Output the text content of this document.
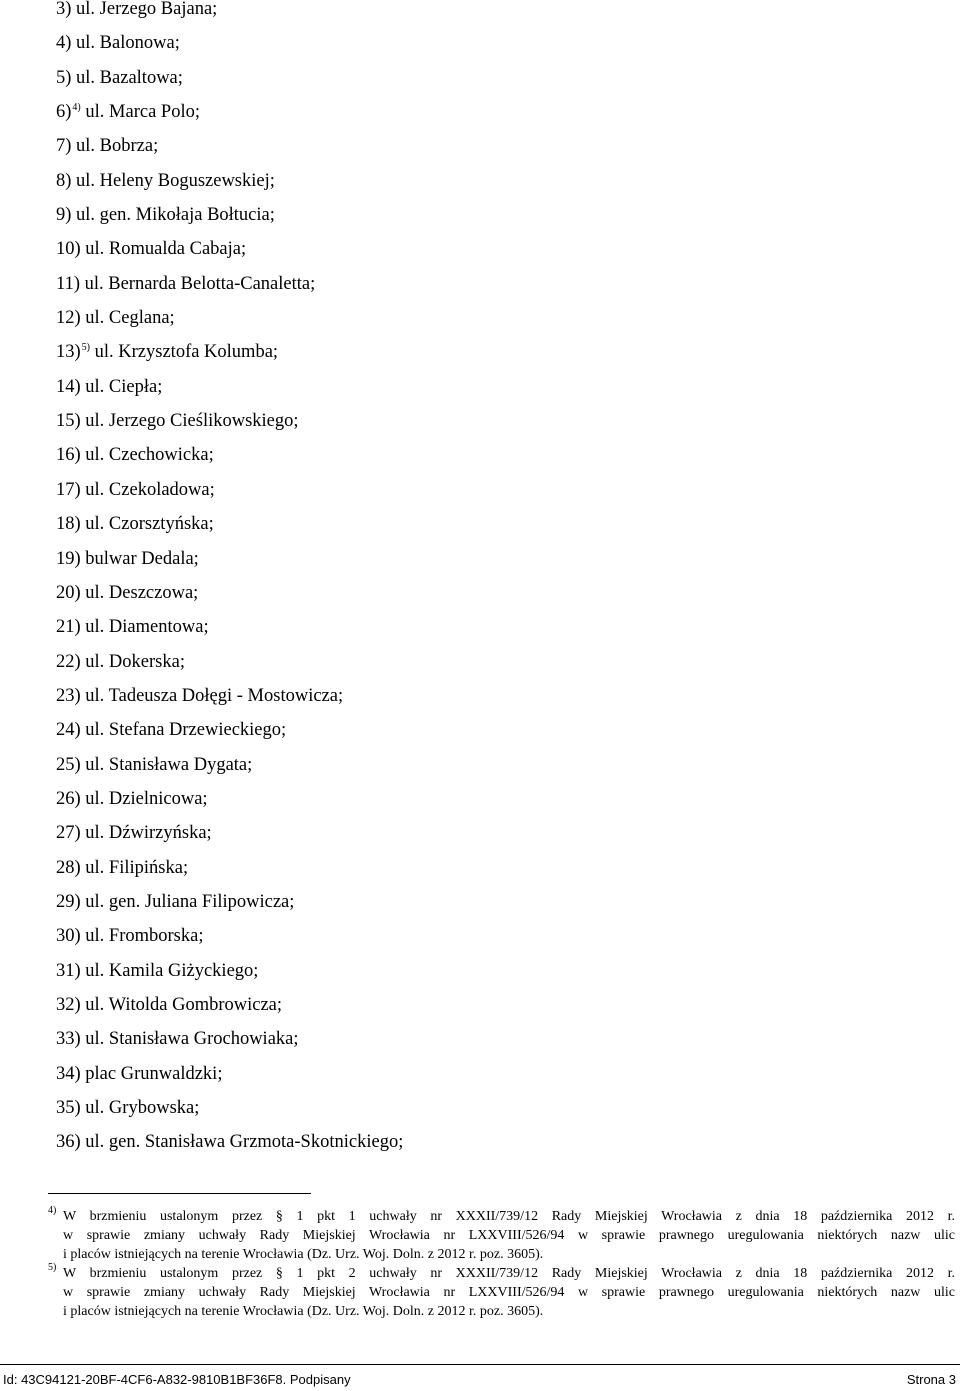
3) ul. Jerzego Bajana;
4) ul. Balonowa;
5) ul. Bazaltowa;
6)$^{4)}$ ul. Marca Polo;
7) ul. Bobrza;
8) ul. Heleny Boguszewskiej;
9) ul. gen. Mikołaja Bołtucia;
10) ul. Romualda Cabaja;
11) ul. Bernarda Belotta-Canaletta;
12) ul. Ceglana;
13)$^{5)}$ ul. Krzysztofa Kolumba;
14) ul. Ciepła;
15) ul. Jerzego Cieślikowskiego;
16) ul. Czechowicka;
17) ul. Czekoladowa;
18) ul. Czorsztyńska;
19) bulwar Dedala;
20) ul. Deszczowa;
21) ul. Diamentowa;
22) ul. Dokerska;
23) ul. Tadeusza Dołęgi - Mostowicza;
24) ul. Stefana Drzewieckiego;
25) ul. Stanisława Dygata;
26) ul. Dzielnicowa;
27) ul. Dźwirzyńska;
28) ul. Filipińska;
29) ul. gen. Juliana Filipowicza;
30) ul. Fromborska;
31) ul. Kamila Giżyckiego;
32) ul. Witolda Gombrowicza;
33) ul. Stanisława Grochowiaka;
34) plac Grunwaldzki;
35) ul. Grybowska;
36) ul. gen. Stanisława Grzmota-Skotnickiego;
$^{4)}$ W brzmieniu ustalonym przez § 1 pkt 1 uchwały nr XXXII/739/12 Rady Miejskiej Wrocławia z dnia 18 października 2012 r.

w sprawie zmiany uchwały Rady Miejskiej Wrocławia nr LXXVIII/526/94 w sprawie prawnego uregulowania niektórych nazw ulic

i placów istniejących na terenie Wrocławia (Dz. Urz. Woj. Doln. z 2012 r. poz. 3605).

$^{5)}$ W brzmieniu ustalonym przez § 1 pkt 2 uchwały nr XXXII/739/12 Rady Miejskiej Wrocławia z dnia 18 października 2012 r.

w sprawie zmiany uchwały Rady Miejskiej Wrocławia nr LXXVIII/526/94 w sprawie prawnego uregulowania niektórych nazw ulic

i placów istniejących na terenie Wrocławia (Dz. Urz. Woj. Doln. z 2012 r. poz. 3605).

Id: 43C94121-20BF-4CF6-A832-9810B1BF36F8. Podpisany	Strona 3
